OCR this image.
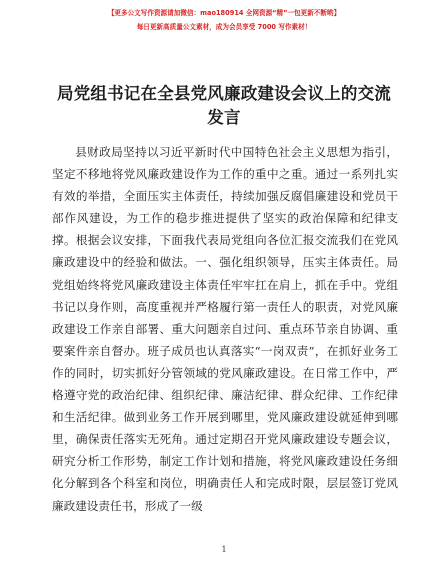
【更多公文写作资源请加微信：mao180914 全网资源“精”一包更新不断哟】
每日更新高质量公文素材，成为会员享受 7000 写作素材！
局党组书记在全县党风廉政建设会议上的交流
发言

县财政局坚持以习近平新时代中国特色社会主义思想为指引，坚定不移地将党风廉政建设作为工作的重中之重。通过一系列扎实有效的举措，全面压实主体责任，持续加强反腐倡廉建设和党员干部作风建设，为工作的稳步推进提供了坚实的政治保障和纪律支撑。根据会议安排，下面我代表局党组向各位汇报交流我们在党风廉政建设中的经验和做法。一、强化组织领导，压实主体责任。局党组始终将党风廉政建设主体责任牢牢扛在肩上，抓在手中。党组书记以身作则，高度重视并严格履行第一责任人的职责，对党风廉政建设工作亲自部署、重大问题亲自过问、重点环节亲自协调、重要案件亲自督办。班子成员也认真落实“一岗双责”，在抓好业务工作的同时，切实抓好分管领域的党风廉政建设。在日常工作中，严格遵守党的政治纪律、组织纪律、廉洁纪律、群众纪律、工作纪律和生活纪律。做到业务工作开展到哪里，党风廉政建设就延伸到哪里，确保责任落实无死角。通过定期召开党风廉政建设专题会议，研究分析工作形势，制定工作计划和措施，将党风廉政建设任务细化分解到各个科室和岗位，明确责任人和完成时限，层层签订党风廉政建设责任书，形成了一级

1
